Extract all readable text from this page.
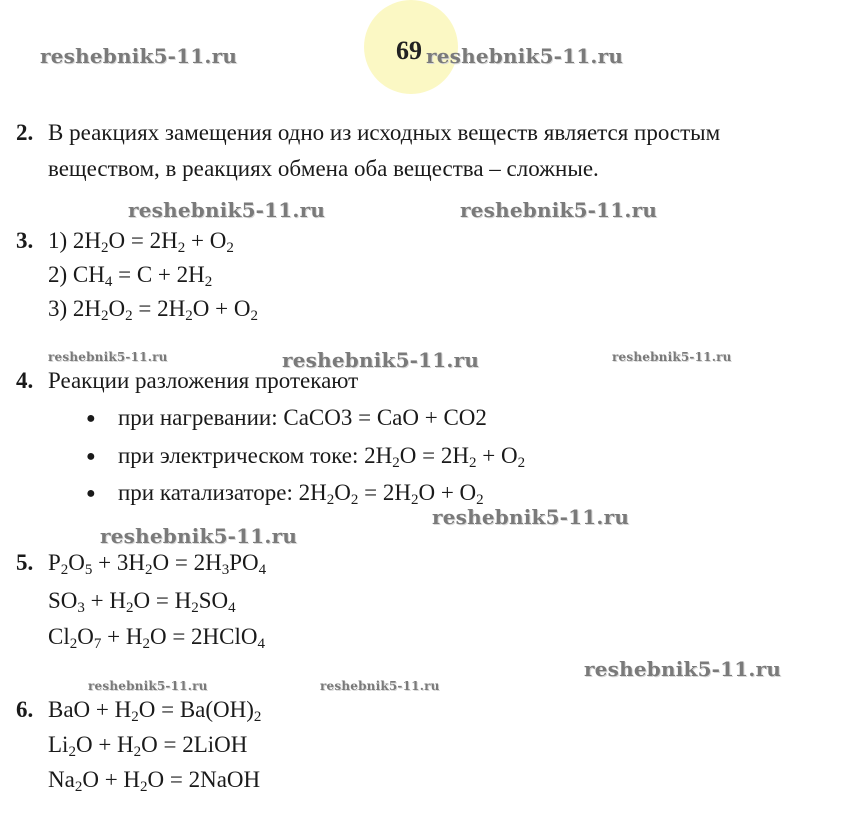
69
reshebnik5-11.ru	reshebnik5-11.ru
reshebnik5-11.ru	reshebnik5-11.ru
reshebnik5-11.ru	reshebnik5-11.ru	reshebnik5-11.ru
reshebnik5-11.ru
reshebnik5-11.ru
reshebnik5-11.ru
reshebnik5-11.ru	reshebnik5-11.ru
2. В реакциях замещения одно из исходных веществ является простым
веществом, в реакциях обмена оба вещества – сложные.
3. 1) $2H_2O = 2H_2 + O_2$
2) $CH_4 = C + 2H_2$
3) $2H_2O_2 = 2H_2O + O_2$
4. Реакции разложения протекают
● при нагревании: CaCO3 = CaO + CO2
● при электрическом токе: $2H_2O = 2H_2 + O_2$
● при катализаторе: $2H_2O_2 = 2H_2O + O_2$
5. $P_2O_5 + 3H_2O = 2H_3PO_4$
$SO_3 + H_2O = H_2SO_4$
$Cl_2O_7 + H_2O$ = 2HClO$_4$
6. BaO + $H_2O = Ba(OH)_2$
$Li_2O + H_2O$ = 2LiOH
$Na_2O + H_2O$ = 2NaOH
